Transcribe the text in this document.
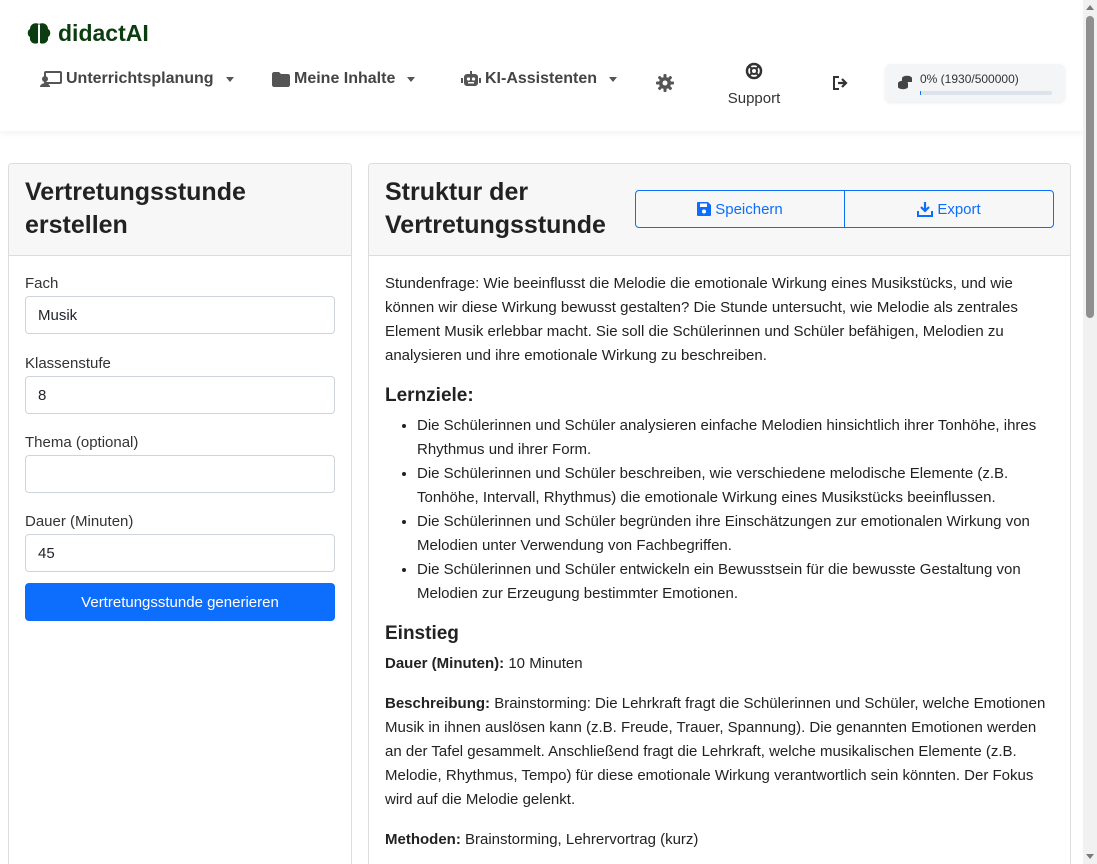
didactAI
Unterrichtsplanung	Meine Inhalte	KI-Assistenten
Support
0% (1930/500000)
Vertretungsstunde erstellen
Fach
Musik
Klassenstufe
8
Thema (optional)
Dauer (Minuten)
45
Vertretungsstunde generieren
Struktur der Vertretungsstunde
Speichern	Export

Stundenfrage: Wie beeinflusst die Melodie die emotionale Wirkung eines Musikstücks, und wie können wir diese Wirkung bewusst gestalten? Die Stunde untersucht, wie Melodie als zentrales Element Musik erlebbar macht. Sie soll die Schülerinnen und Schüler befähigen, Melodien zu analysieren und ihre emotionale Wirkung zu beschreiben.

Lernziele:
• Die Schülerinnen und Schüler analysieren einfache Melodien hinsichtlich ihrer Tonhöhe, ihres Rhythmus und ihrer Form.
• Die Schülerinnen und Schüler beschreiben, wie verschiedene melodische Elemente (z.B. Tonhöhe, Intervall, Rhythmus) die emotionale Wirkung eines Musikstücks beeinflussen.
• Die Schülerinnen und Schüler begründen ihre Einschätzungen zur emotionalen Wirkung von Melodien unter Verwendung von Fachbegriffen.
• Die Schülerinnen und Schüler entwickeln ein Bewusstsein für die bewusste Gestaltung von Melodien zur Erzeugung bestimmter Emotionen.
Einstieg

Dauer (Minuten): 10 Minuten

Beschreibung: Brainstorming: Die Lehrkraft fragt die Schülerinnen und Schüler, welche Emotionen Musik in ihnen auslösen kann (z.B. Freude, Trauer, Spannung). Die genannten Emotionen werden an der Tafel gesammelt. Anschließend fragt die Lehrkraft, welche musikalischen Elemente (z.B. Melodie, Rhythmus, Tempo) für diese emotionale Wirkung verantwortlich sein könnten. Der Fokus wird auf die Melodie gelenkt.

Methoden: Brainstorming, Lehrervortrag (kurz)
